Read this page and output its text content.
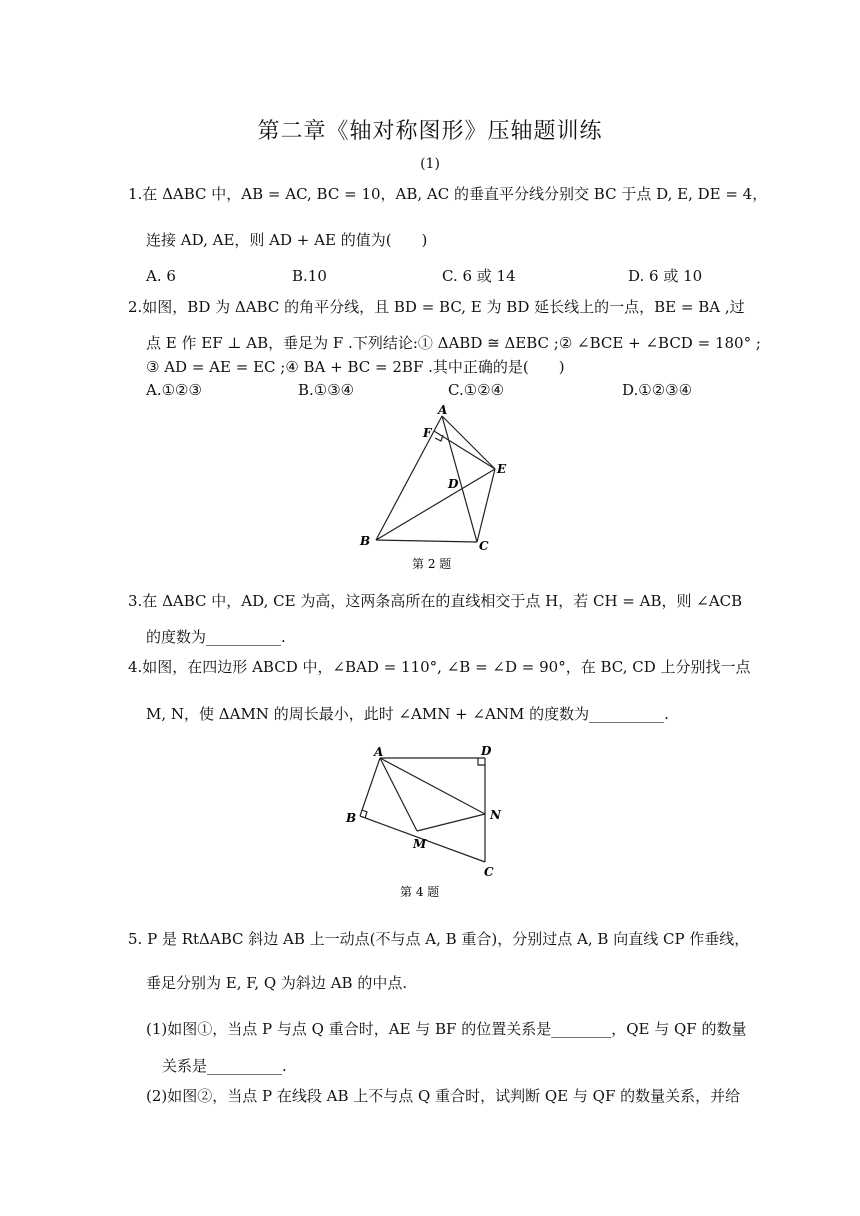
第二章《轴对称图形》压轴题训练
(1)
1.在 ΔABC 中，AB = AC, BC = 10，AB, AC 的垂直平分线分别交 BC 于点 D, E, DE = 4，
连接 AD, AE，则 AD + AE 的值为(　　)
A. 6	B.10	C. 6 或 14	D. 6 或 10
2.如图，BD 为 ΔABC 的角平分线，且 BD = BC, E 为 BD 延长线上的一点，BE = BA ,过
点 E 作 EF ⊥ AB，垂足为 F .下列结论:① ΔABD ≅ ΔEBC ;② ∠BCE + ∠BCD = 180° ;
③ AD = AE = EC ;④ BA + BC = 2BF .其中正确的是(　　)
A.①②③	B.①③④	C.①②④	D.①②③④
A
F
E
D
B	C
第 2 题
3.在 ΔABC 中，AD, CE 为高，这两条高所在的直线相交于点 H，若 CH = AB，则 ∠ACB
的度数为__________.
4.如图，在四边形 ABCD 中，∠BAD = 110°, ∠B = ∠D = 90°，在 BC, CD 上分别找一点
M, N，使 ΔAMN 的周长最小，此时 ∠AMN + ∠ANM 的度数为__________.
A	D
B	N
M
C
第 4 题
5. P 是 RtΔABC 斜边 AB 上一动点(不与点 A, B 重合)，分别过点 A, B 向直线 CP 作垂线，
垂足分别为 E, F, Q 为斜边 AB 的中点.
(1)如图①，当点 P 与点 Q 重合时，AE 与 BF 的位置关系是________，QE 与 QF 的数量
关系是__________.
(2)如图②，当点 P 在线段 AB 上不与点 Q 重合时，试判断 QE 与 QF 的数量关系，并给
